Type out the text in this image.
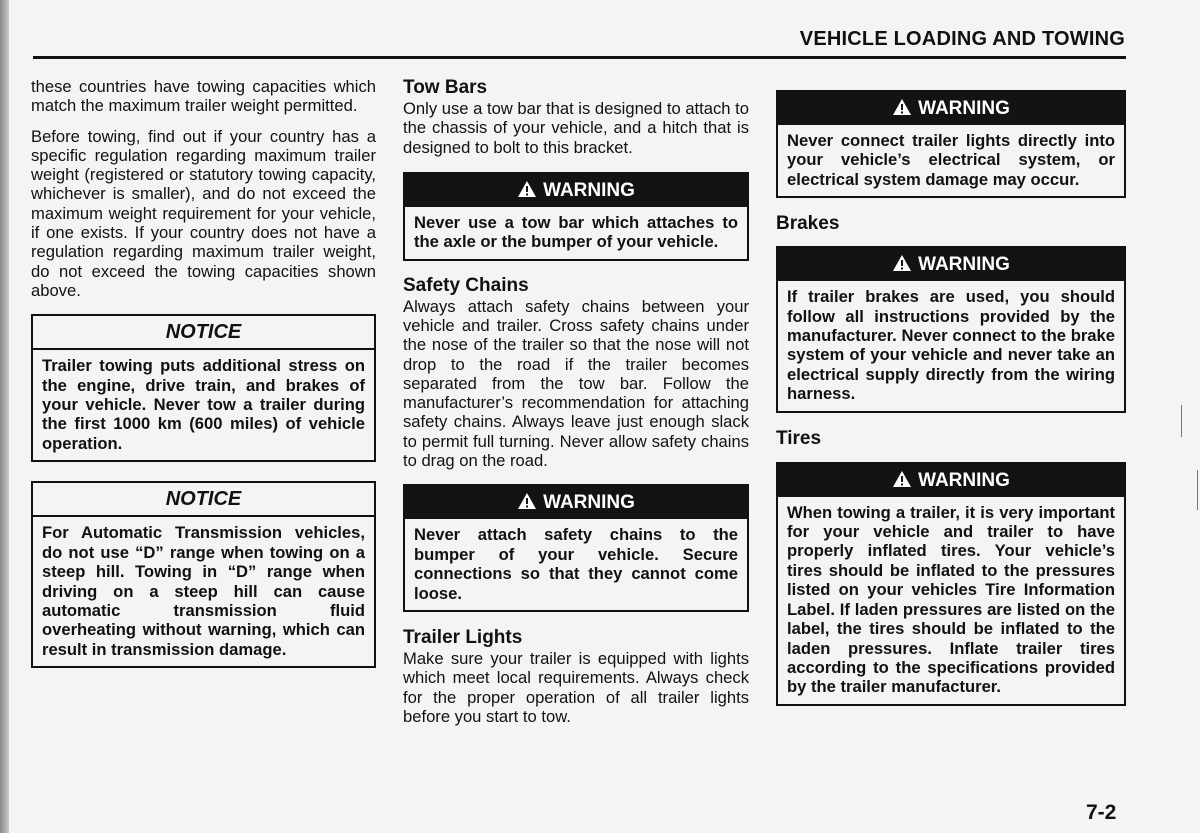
VEHICLE LOADING AND TOWING

these countries have towing capacities which match the maximum trailer weight permitted.

Before towing, find out if your country has a specific regulation regarding maximum trailer weight (registered or statutory towing capacity, whichever is smaller), and do not exceed the maximum weight requirement for your vehicle, if one exists. If your country does not have a regulation regarding maximum trailer weight, do not exceed the towing capacities shown above.

NOTICE
Trailer towing puts additional stress on the engine, drive train, and brakes of your vehicle. Never tow a trailer during the first 1000 km (600 miles) of vehicle operation.
NOTICE
For Automatic Transmission vehicles, do not use “D” range when towing on a steep hill. Towing in “D” range when driving on a steep hill can cause automatic transmission fluid overheating without warning, which can result in transmission damage.
Tow Bars

Only use a tow bar that is designed to attach to the chassis of your vehicle, and a hitch that is designed to bolt to this bracket.

WARNING
Never use a tow bar which attaches to the axle or the bumper of your vehicle.
Safety Chains

Always attach safety chains between your vehicle and trailer. Cross safety chains under the nose of the trailer so that the nose will not drop to the road if the trailer becomes separated from the tow bar. Follow the manufacturer’s recommendation for attaching safety chains. Always leave just enough slack to permit full turning. Never allow safety chains to drag on the road.

WARNING
Never attach safety chains to the bumper of your vehicle. Secure connections so that they cannot come loose.
Trailer Lights

Make sure your trailer is equipped with lights which meet local requirements. Always check for the proper operation of all trailer lights before you start to tow.

WARNING
Never connect trailer lights directly into your vehicle’s electrical system, or electrical system damage may occur.
Brakes
WARNING
If trailer brakes are used, you should follow all instructions provided by the manufacturer. Never connect to the brake system of your vehicle and never take an electrical supply directly from the wiring harness.
Tires
WARNING
When towing a trailer, it is very important for your vehicle and trailer to have properly inflated tires. Your vehicle’s tires should be inflated to the pressures listed on your vehicles Tire Information Label. If laden pressures are listed on the label, the tires should be inflated to the laden pressures. Inflate trailer tires according to the specifications provided by the trailer manufacturer.
7-2
